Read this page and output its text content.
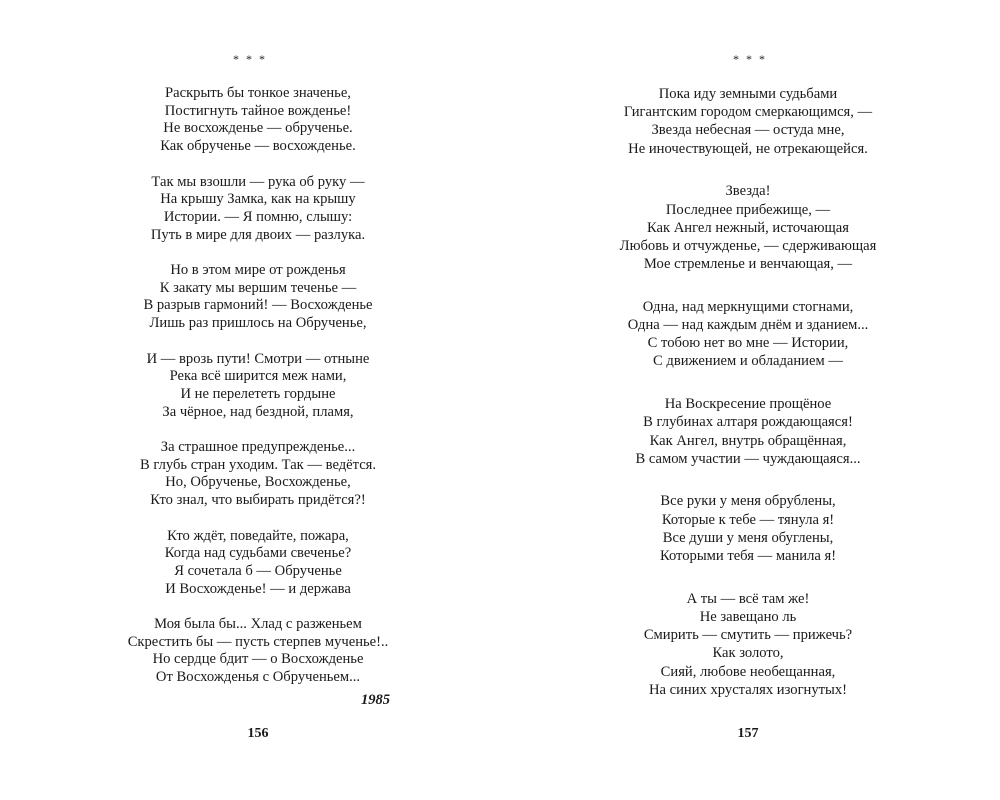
* * *
Раскрыть бы тонкое значенье,
Постигнуть тайное вожденье!
Не восхожденье — обрученье.
Как обрученье — восхожденье.
Так мы взошли — рука об руку —
На крышу Замка, как на крышу
Истории. — Я помню, слышу:
Путь в мире для двоих — разлука.
Но в этом мире от рожденья
К закату мы вершим теченье —
В разрыв гармоний! — Восхожденье
Лишь раз пришлось на Обрученье,
И — врозь пути! Смотри — отныне
Река всё ширится меж нами,
И не перелететь гордыне
За чёрное, над бездной, пламя,
За страшное предупрежденье...
В глубь стран уходим. Так — ведётся.
Но, Обрученье, Восхожденье,
Кто знал, что выбирать придётся?!
Кто ждёт, поведайте, пожара,
Когда над судьбами свеченье?
Я сочетала б — Обрученье
И Восхожденье! — и держава
Моя была бы... Хлад с разженьем
Скрестить бы — пусть стерпев мученье!..
Но сердце бдит — о Восхожденье
От Восхожденья с Обрученьем...
1985
156
* * *
Пока иду земными судьбами
Гигантским городом смеркающимся, —
Звезда небесная — остуда мне,
Не иночествующей, не отрекающейся.
Звезда!
Последнее прибежище, —
Как Ангел нежный, источающая
Любовь и отчужденье, — сдерживающая
Мое стремленье и венчающая, —
Одна, над меркнущими стогнами,
Одна — над каждым днём и зданием...
С тобою нет во мне — Истории,
С движением и обладанием —
На Воскресение прощёное
В глубинах алтаря рождающаяся!
Как Ангел, внутрь обращённая,
В самом участии — чуждающаяся...
Все руки у меня обрублены,
Которые к тебе — тянула я!
Все души у меня обуглены,
Которыми тебя — манила я!
А ты — всё там же!
Не завещано ль
Смирить — смутить — прижечь?
Как золото,
Сияй, любове необещанная,
На синих хрусталях изогнутых!
157
